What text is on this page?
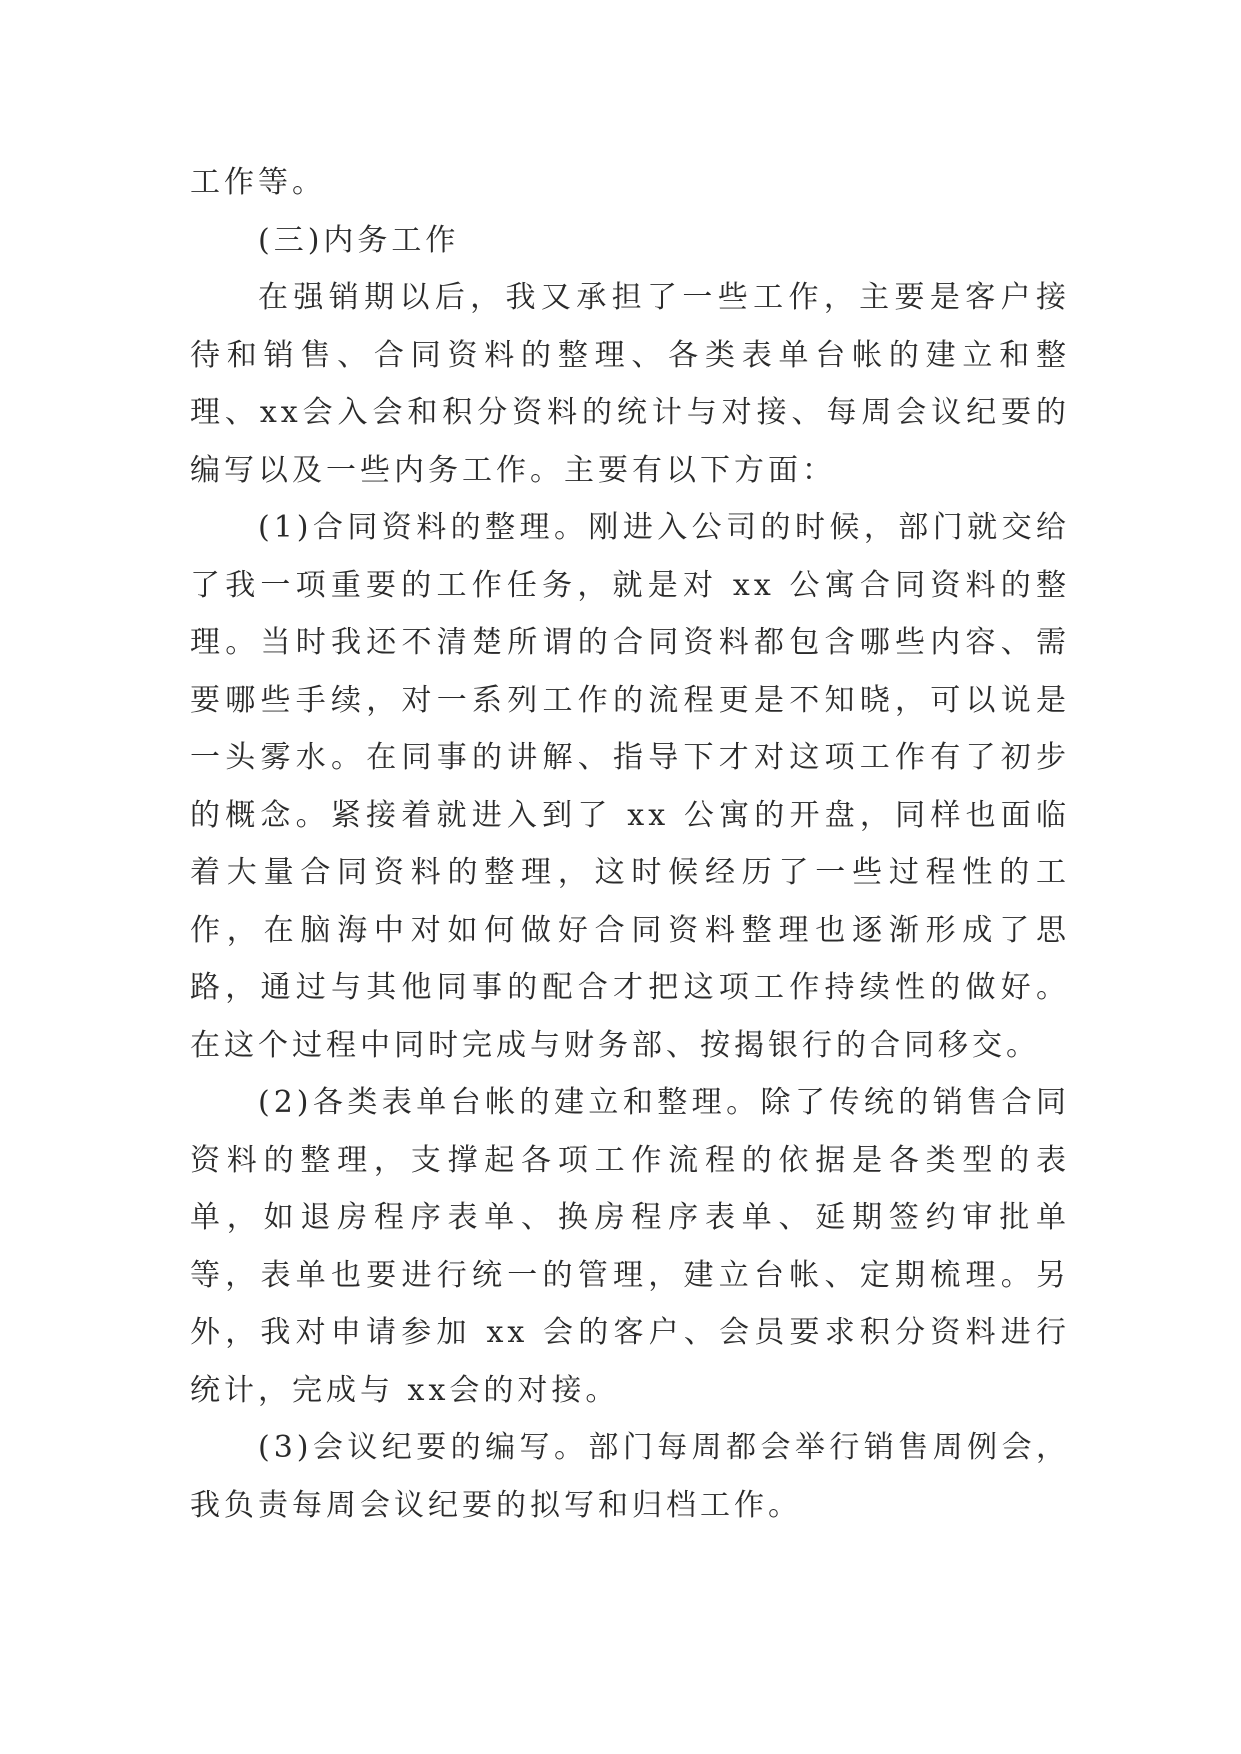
工作等。

(三)内务工作

在强销期以后，我又承担了一些工作，主要是客户接待和销售、合同资料的整理、各类表单台帐的建立和整理、xx会入会和积分资料的统计与对接、每周会议纪要的编写以及一些内务工作。主要有以下方面：

(1)合同资料的整理。刚进入公司的时候，部门就交给了我一项重要的工作任务，就是对 xx 公寓合同资料的整理。当时我还不清楚所谓的合同资料都包含哪些内容、需要哪些手续，对一系列工作的流程更是不知晓，可以说是一头雾水。在同事的讲解、指导下才对这项工作有了初步的概念。紧接着就进入到了 xx 公寓的开盘，同样也面临着大量合同资料的整理，这时候经历了一些过程性的工作，在脑海中对如何做好合同资料整理也逐渐形成了思路，通过与其他同事的配合才把这项工作持续性的做好。在这个过程中同时完成与财务部、按揭银行的合同移交。

(2)各类表单台帐的建立和整理。除了传统的销售合同资料的整理，支撑起各项工作流程的依据是各类型的表单，如退房程序表单、换房程序表单、延期签约审批单等，表单也要进行统一的管理，建立台帐、定期梳理。另外，我对申请参加 xx 会的客户、会员要求积分资料进行统计，完成与 xx会的对接。

(3)会议纪要的编写。部门每周都会举行销售周例会，我负责每周会议纪要的拟写和归档工作。
